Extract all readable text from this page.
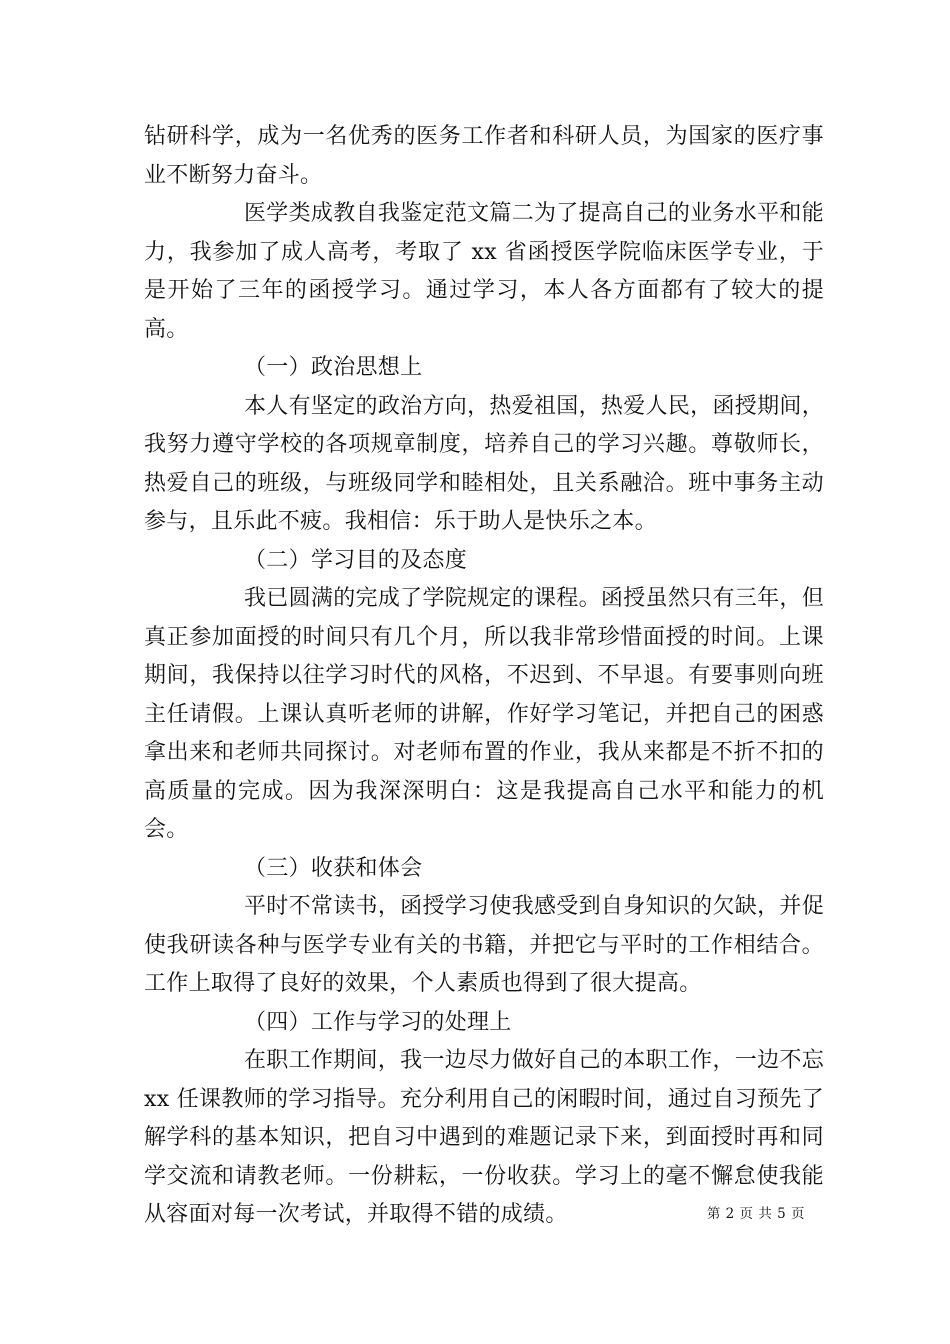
钻研科学，成为一名优秀的医务工作者和科研人员，为国家的医疗事业不断努力奋斗。

医学类成教自我鉴定范文篇二为了提高自己的业务水平和能力，我参加了成人高考，考取了 xx 省函授医学院临床医学专业，于是开始了三年的函授学习。通过学习，本人各方面都有了较大的提高。

（一）政治思想上

本人有坚定的政治方向，热爱祖国，热爱人民，函授期间，我努力遵守学校的各项规章制度，培养自己的学习兴趣。尊敬师长，热爱自己的班级，与班级同学和睦相处，且关系融洽。班中事务主动参与，且乐此不疲。我相信：乐于助人是快乐之本。

（二）学习目的及态度

我已圆满的完成了学院规定的课程。函授虽然只有三年，但真正参加面授的时间只有几个月，所以我非常珍惜面授的时间。上课期间，我保持以往学习时代的风格，不迟到、不早退。有要事则向班主任请假。上课认真听老师的讲解，作好学习笔记，并把自己的困惑拿出来和老师共同探讨。对老师布置的作业，我从来都是不折不扣的高质量的完成。因为我深深明白：这是我提高自己水平和能力的机会。

（三）收获和体会

平时不常读书，函授学习使我感受到自身知识的欠缺，并促使我研读各种与医学专业有关的书籍，并把它与平时的工作相结合。工作上取得了良好的效果，个人素质也得到了很大提高。

（四）工作与学习的处理上

在职工作期间，我一边尽力做好自己的本职工作，一边不忘 xx 任课教师的学习指导。充分利用自己的闲暇时间，通过自习预先了解学科的基本知识，把自习中遇到的难题记录下来，到面授时再和同学交流和请教老师。一份耕耘，一份收获。学习上的毫不懈怠使我能从容面对每一次考试，并取得不错的成绩。	第 2 页 共 5 页
